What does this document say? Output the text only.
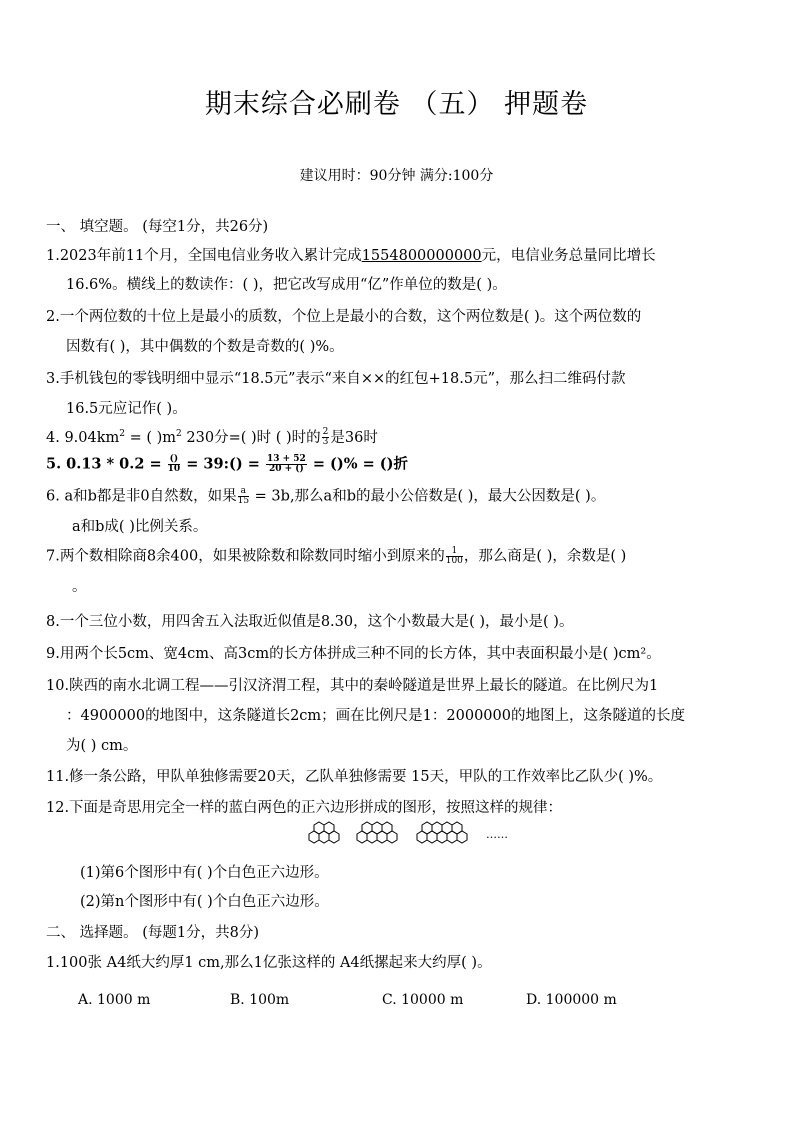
期末综合必刷卷 （五） 押题卷
建议用时：90分钟 满分:100分
一、 填空题。 (每空1分，共26分)
1.2023年前11个月，全国电信业务收入累计完成1554800000000元，电信业务总量同比增长
16.6%。横线上的数读作：( )，把它改写成用“亿”作单位的数是( )。
2.一个两位数的十位上是最小的质数，个位上是最小的合数，这个两位数是( )。这个两位数的
因数有( )，其中偶数的个数是奇数的( )%。
3.手机钱包的零钱明细中显示“18.5元”表示“来自××的红包+18.5元”，那么扫二维码付款
16.5元应记作( )。
4. $9.04km^2$ = ( )$m^2$ 230分=( )时 ( )时的 $\frac{2}{3}$ 是36时
5. $0.13 * 0.2 = \frac{()}{10}$ = 39:() = $\frac{13 + 52}{20 + ()}$ = ()% = ()折
6. a和b都是非0自然数，如果 $\frac{a}{15} = 3b$,那么a和b的最小公倍数是( )，最大公因数是( )。
a和b成( )比例关系。
7.两个数相除商8余400，如果被除数和除数同时缩小到原来的 $\frac{1}{100}$ ，那么商是( )，余数是( )
。
8.一个三位小数，用四舍五入法取近似值是8.30，这个小数最大是( )，最小是( )。
9.用两个长5cm、宽4cm、高3cm的长方体拼成三种不同的长方体，其中表面积最小是( )cm²。
10.陕西的南水北调工程——引汉济渭工程，其中的秦岭隧道是世界上最长的隧道。在比例尺为1
：4900000的地图中，这条隧道长2cm；画在比例尺是1：2000000的地图上，这条隧道的长度
为( ) cm。
11.修一条公路，甲队单独修需要20天，乙队单独修需要 15天，甲队的工作效率比乙队少( )%。
12.下面是奇思用完全一样的蓝白两色的正六边形拼成的图形，按照这样的规律：
……
(1)第6个图形中有( )个白色正六边形。
(2)第n个图形中有( )个白色正六边形。
二、 选择题。 (每题1分，共8分)
1.100张 A4纸大约厚1 cm,那么1亿张这样的 A4纸摞起来大约厚( )。
A. 1000 m	B. 100m	C. 10000 m	D. 100000 m
